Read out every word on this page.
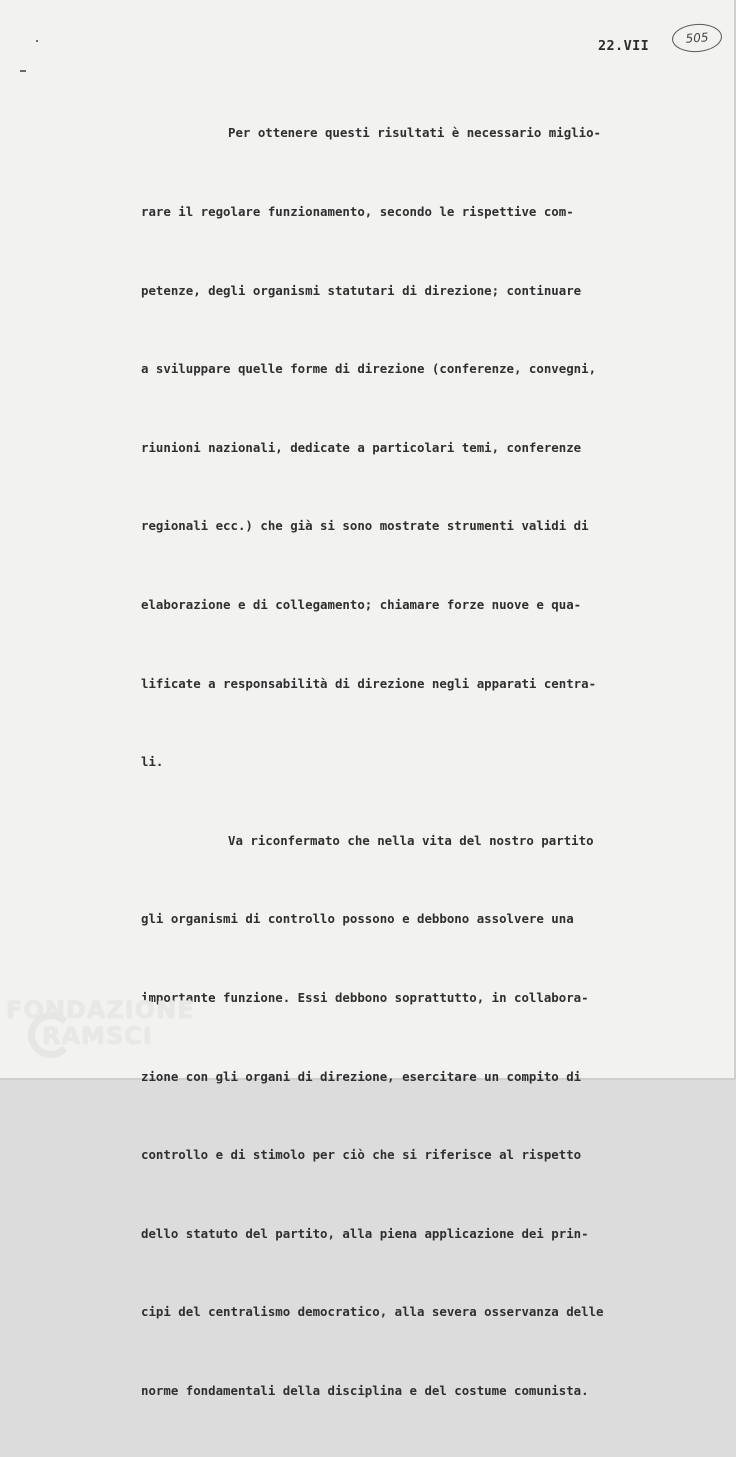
22.VII	505

Per ottenere questi risultati è necessario miglio-

rare il regolare funzionamento, secondo le rispettive com-

petenze, degli organismi statutari di direzione; continuare

a sviluppare quelle forme di direzione (conferenze, convegni,

riunioni nazionali, dedicate a particolari temi, conferenze

regionali ecc.) che già si sono mostrate strumenti validi di

elaborazione e di collegamento; chiamare forze nuove e qua-

lificate a responsabilità di direzione negli apparati centra-

li.

Va riconfermato che nella vita del nostro partito

gli organismi di controllo possono e debbono assolvere una

importante funzione. Essi debbono soprattutto, in collabora-

zione con gli organi di direzione, esercitare un compito di

controllo e di stimolo per ciò che si riferisce al rispetto

dello statuto del partito, alla piena applicazione dei prin-

cipi del centralismo democratico, alla severa osservanza delle

norme fondamentali della disciplina e del costume comunista.

FONDAZIONE
RAMSCI
